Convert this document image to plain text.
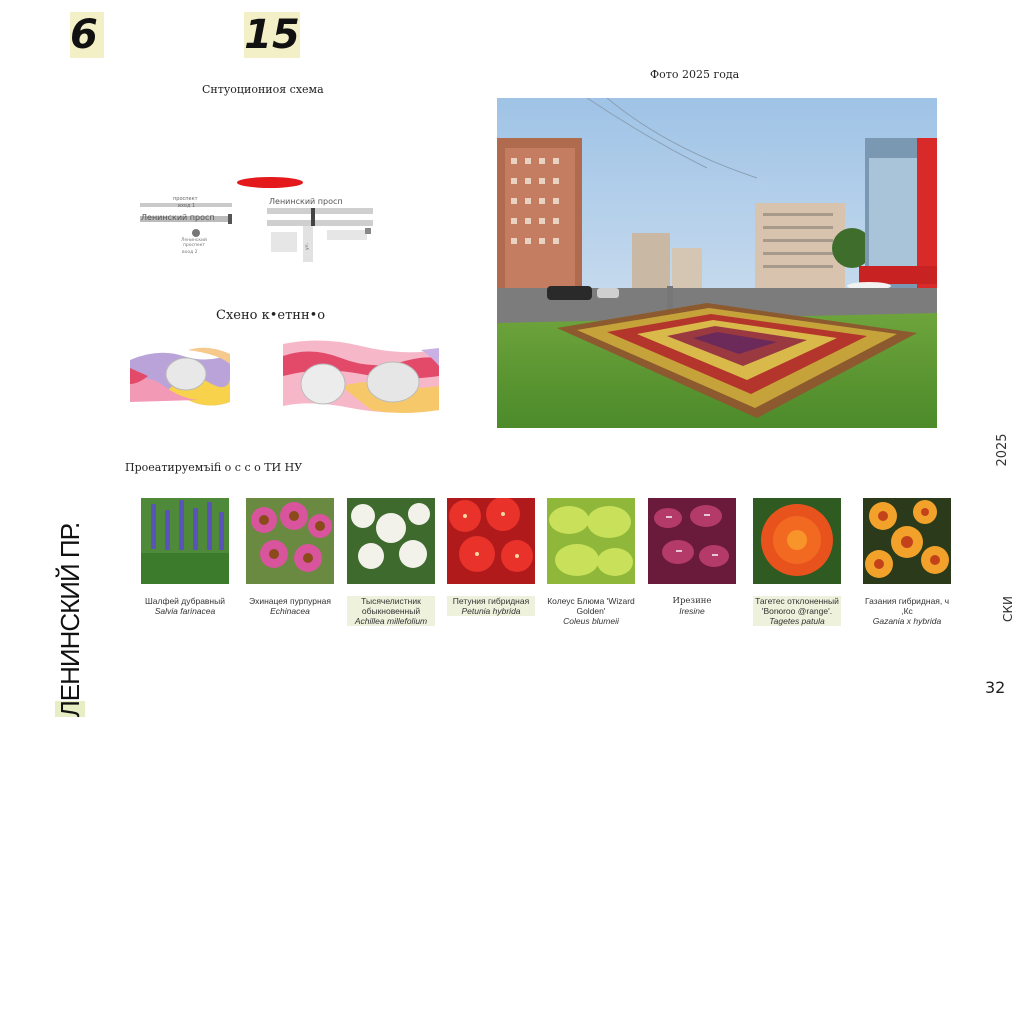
6	15
Снтуоциониоя схема
проспект
вход 1
Ленинский просп
Ленинский проспект
вход 2
Ленинский просп
ул.
Схено к•етнн•о
Фото 2025 года
Проеатируемъifi о с с о ТИ НУ
Шалфей дубравный
Salvia farinacea
Эхинацея пурпурная
Echinacea
Тысячелистник обыкновенный
Achillea millefolium
Петуния гибридная
Petunia hybrida
Колеус Блюма 'Wizard Golden'
Coleus blumeii
Ирезине
Iresine
Тагетес отклоненный 'Bоrюroo @range'.
Tagetes patula
Газания гибридная, ч ,Кс
Gazania x hybrida
ЛЕНИНСКИЙ ПР.
2025
СКИ
32
